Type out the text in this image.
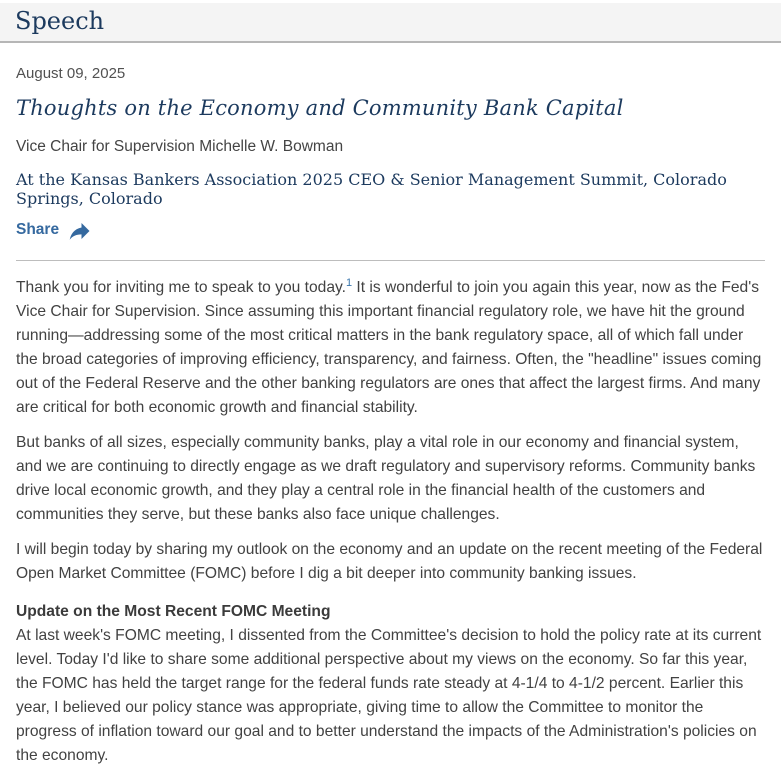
Speech
August 09, 2025
Thoughts on the Economy and Community Bank Capital
Vice Chair for Supervision Michelle W. Bowman
At the Kansas Bankers Association 2025 CEO & Senior Management Summit, Colorado Springs, Colorado
Share

Thank you for inviting me to speak to you today.$^1$ It is wonderful to join you again this year, now as the Fed's Vice Chair for Supervision. Since assuming this important financial regulatory role, we have hit the ground running—addressing some of the most critical matters in the bank regulatory space, all of which fall under the broad categories of improving efficiency, transparency, and fairness. Often, the "headline" issues coming out of the Federal Reserve and the other banking regulators are ones that affect the largest firms. And many are critical for both economic growth and financial stability.

But banks of all sizes, especially community banks, play a vital role in our economy and financial system, and we are continuing to directly engage as we draft regulatory and supervisory reforms. Community banks drive local economic growth, and they play a central role in the financial health of the customers and communities they serve, but these banks also face unique challenges.

I will begin today by sharing my outlook on the economy and an update on the recent meeting of the Federal Open Market Committee (FOMC) before I dig a bit deeper into community banking issues.

Update on the Most Recent FOMC Meeting

At last week's FOMC meeting, I dissented from the Committee's decision to hold the policy rate at its current level. Today I'd like to share some additional perspective about my views on the economy. So far this year, the FOMC has held the target range for the federal funds rate steady at 4-1/4 to 4-1/2 percent. Earlier this year, I believed our policy stance was appropriate, giving time to allow the Committee to monitor the progress of inflation toward our goal and to better understand the impacts of the Administration's policies on the economy.
